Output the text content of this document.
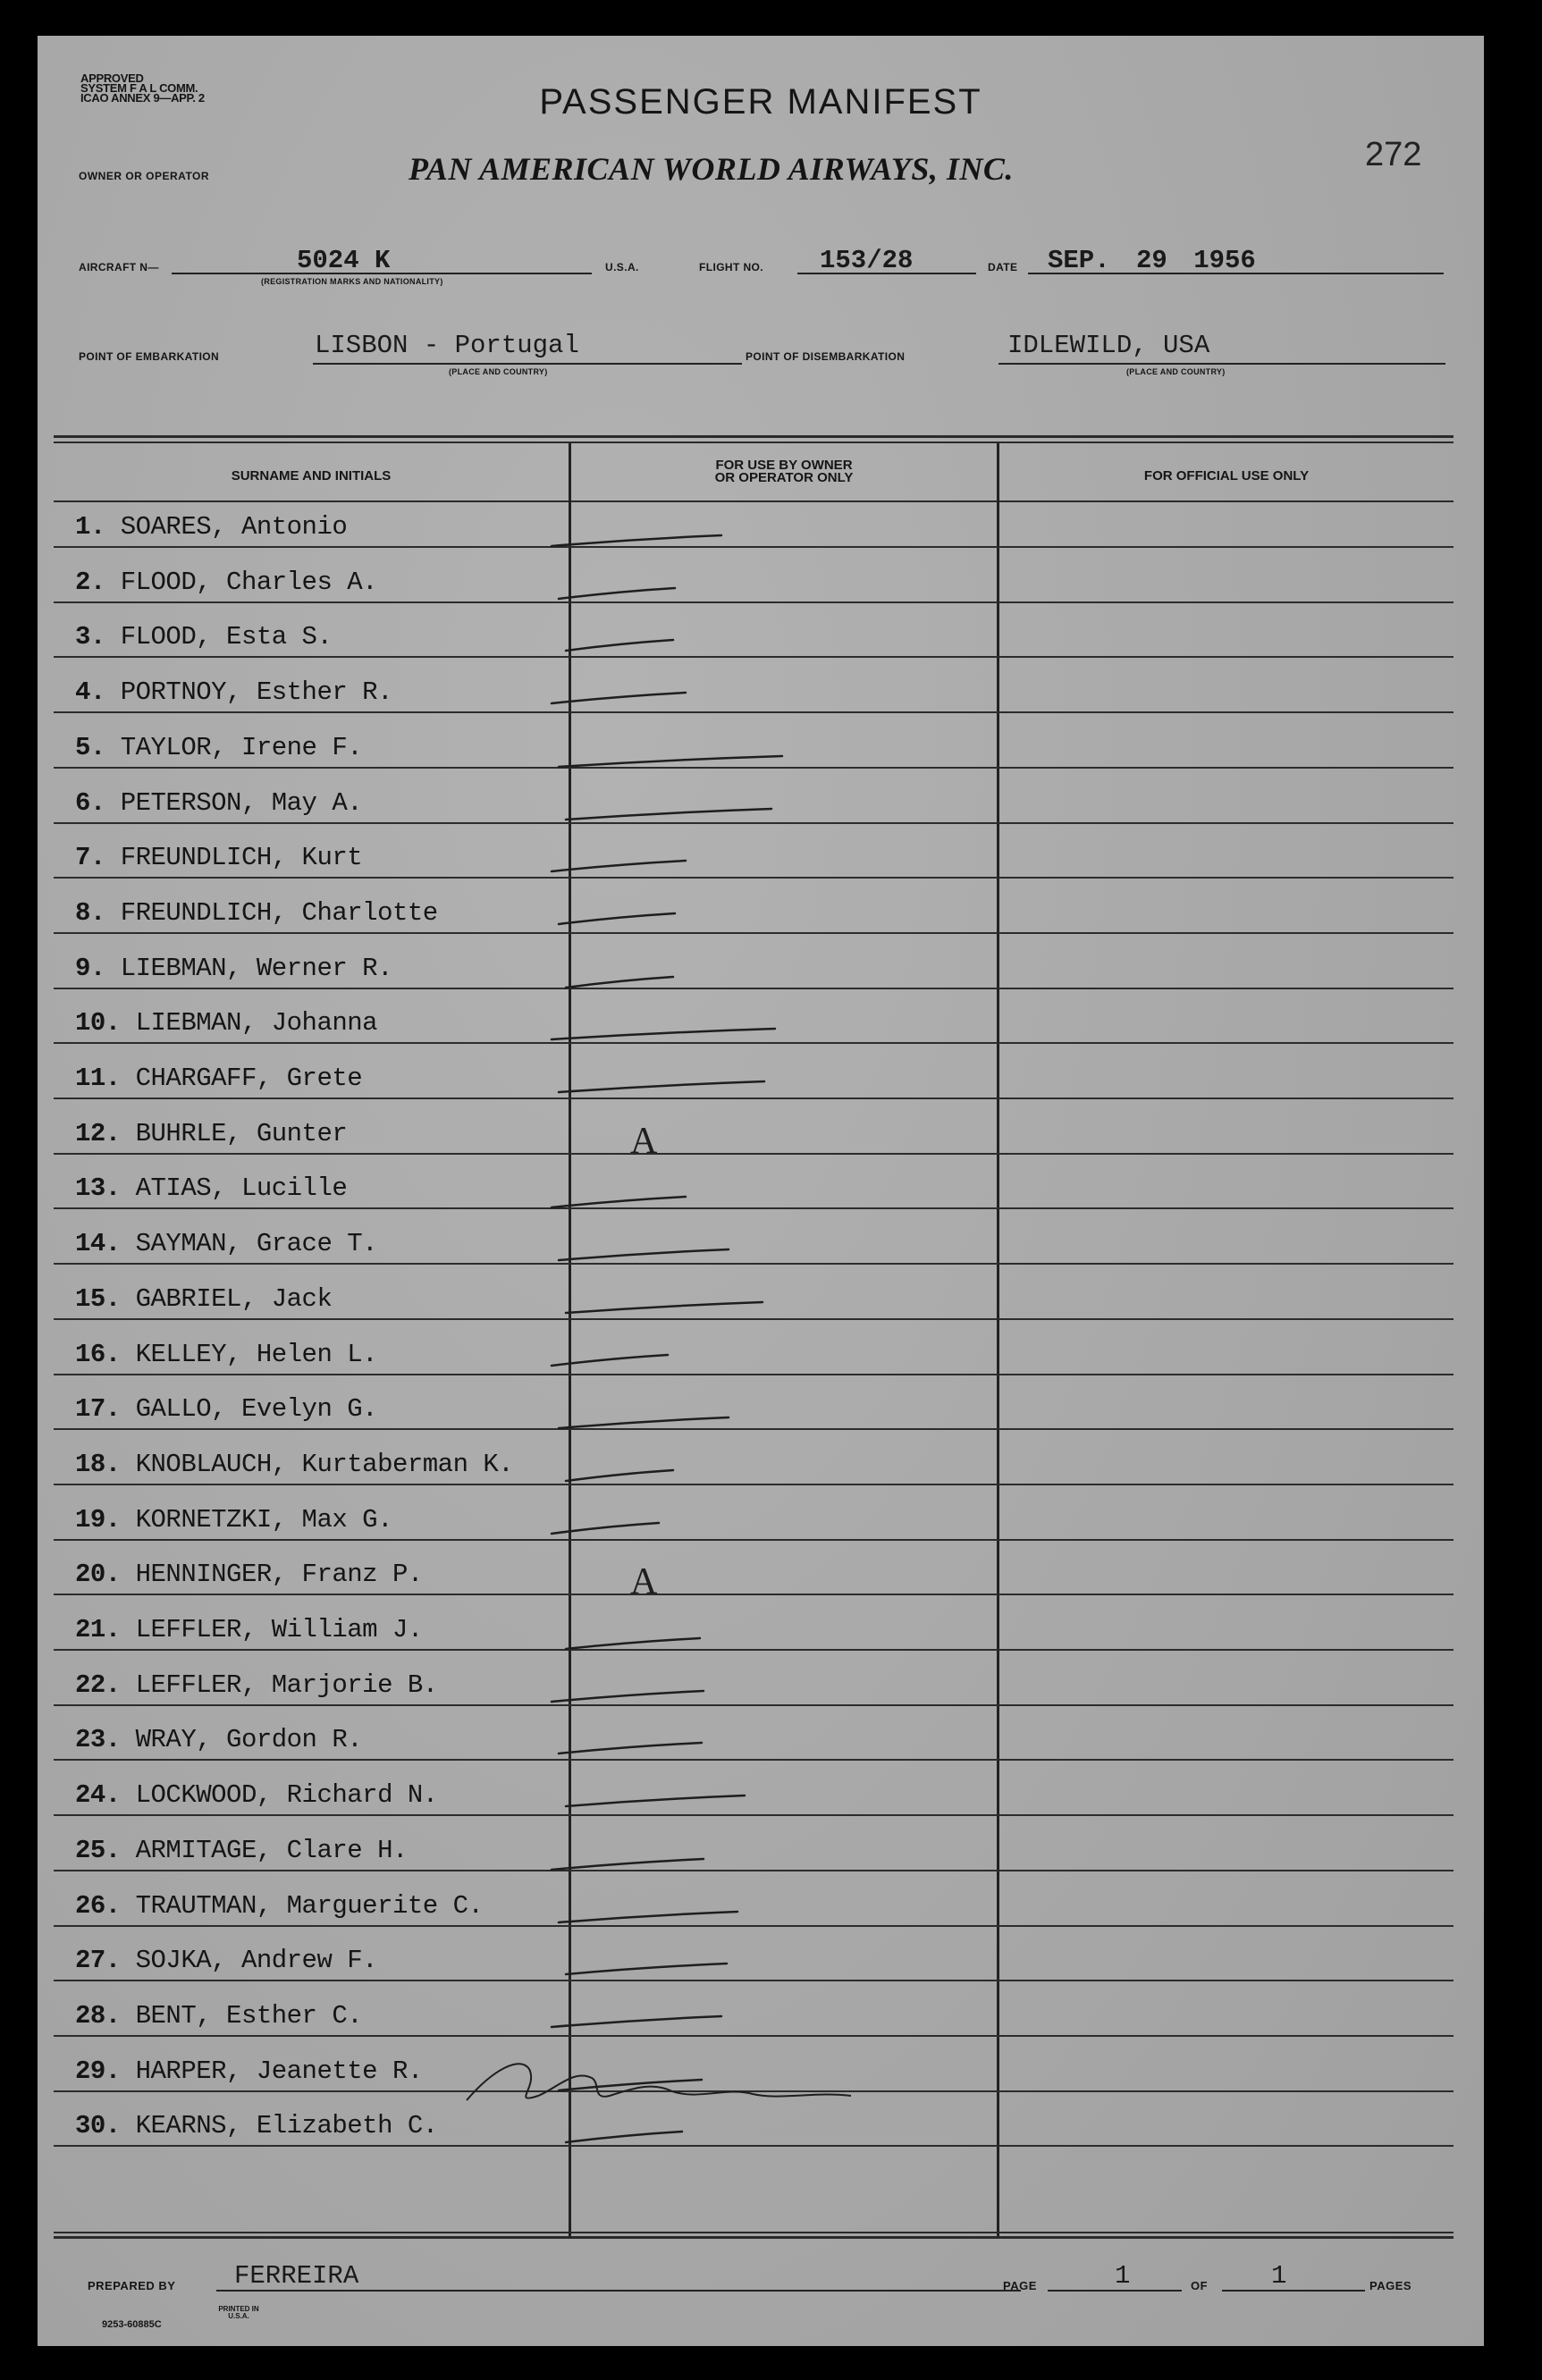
APPROVED
SYSTEM F A L COMM.
ICAO ANNEX 9—APP. 2	PASSENGER MANIFEST
272
OWNER OR OPERATOR	PAN AMERICAN WORLD AIRWAYS, INC.
AIRCRAFT N—	5024 K
(REGISTRATION MARKS AND NATIONALITY)
U.S.A.	FLIGHT NO. 153/28	DATE SEP. 29 1956
POINT OF EMBARKATION	LISBON - Portugal
(PLACE AND COUNTRY)
POINT OF DISEMBARKATION	IDLEWILD, USA
(PLACE AND COUNTRY)
SURNAME AND INITIALS
FOR USE BY OWNER
OR OPERATOR ONLY	FOR OFFICIAL USE ONLY
1. SOARES, Antonio
2. FLOOD, Charles A.
3. FLOOD, Esta S.
4. PORTNOY, Esther R.
5. TAYLOR, Irene F.
6. PETERSON, May A.
7. FREUNDLICH, Kurt
8. FREUNDLICH, Charlotte
9. LIEBMAN, Werner R.
10. LIEBMAN, Johanna
11. CHARGAFF, Grete
12. BUHRLE, Gunter	A
13. ATIAS, Lucille
14. SAYMAN, Grace T.
15. GABRIEL, Jack
16. KELLEY, Helen L.
17. GALLO, Evelyn G.
18. KNOBLAUCH, Kurtaberman K.
19. KORNETZKI, Max G.
20. HENNINGER, Franz P.	A
21. LEFFLER, William J.
22. LEFFLER, Marjorie B.
23. WRAY, Gordon R.
24. LOCKWOOD, Richard N.
25. ARMITAGE, Clare H.
26. TRAUTMAN, Marguerite C.
27. SOJKA, Andrew F.
28. BENT, Esther C.
29. HARPER, Jeanette R.
30. KEARNS, Elizabeth C.
PREPARED BY FERREIRA	PAGE	1	OF 1	PAGES
9253-60885C
PRINTED IN U.S.A.
